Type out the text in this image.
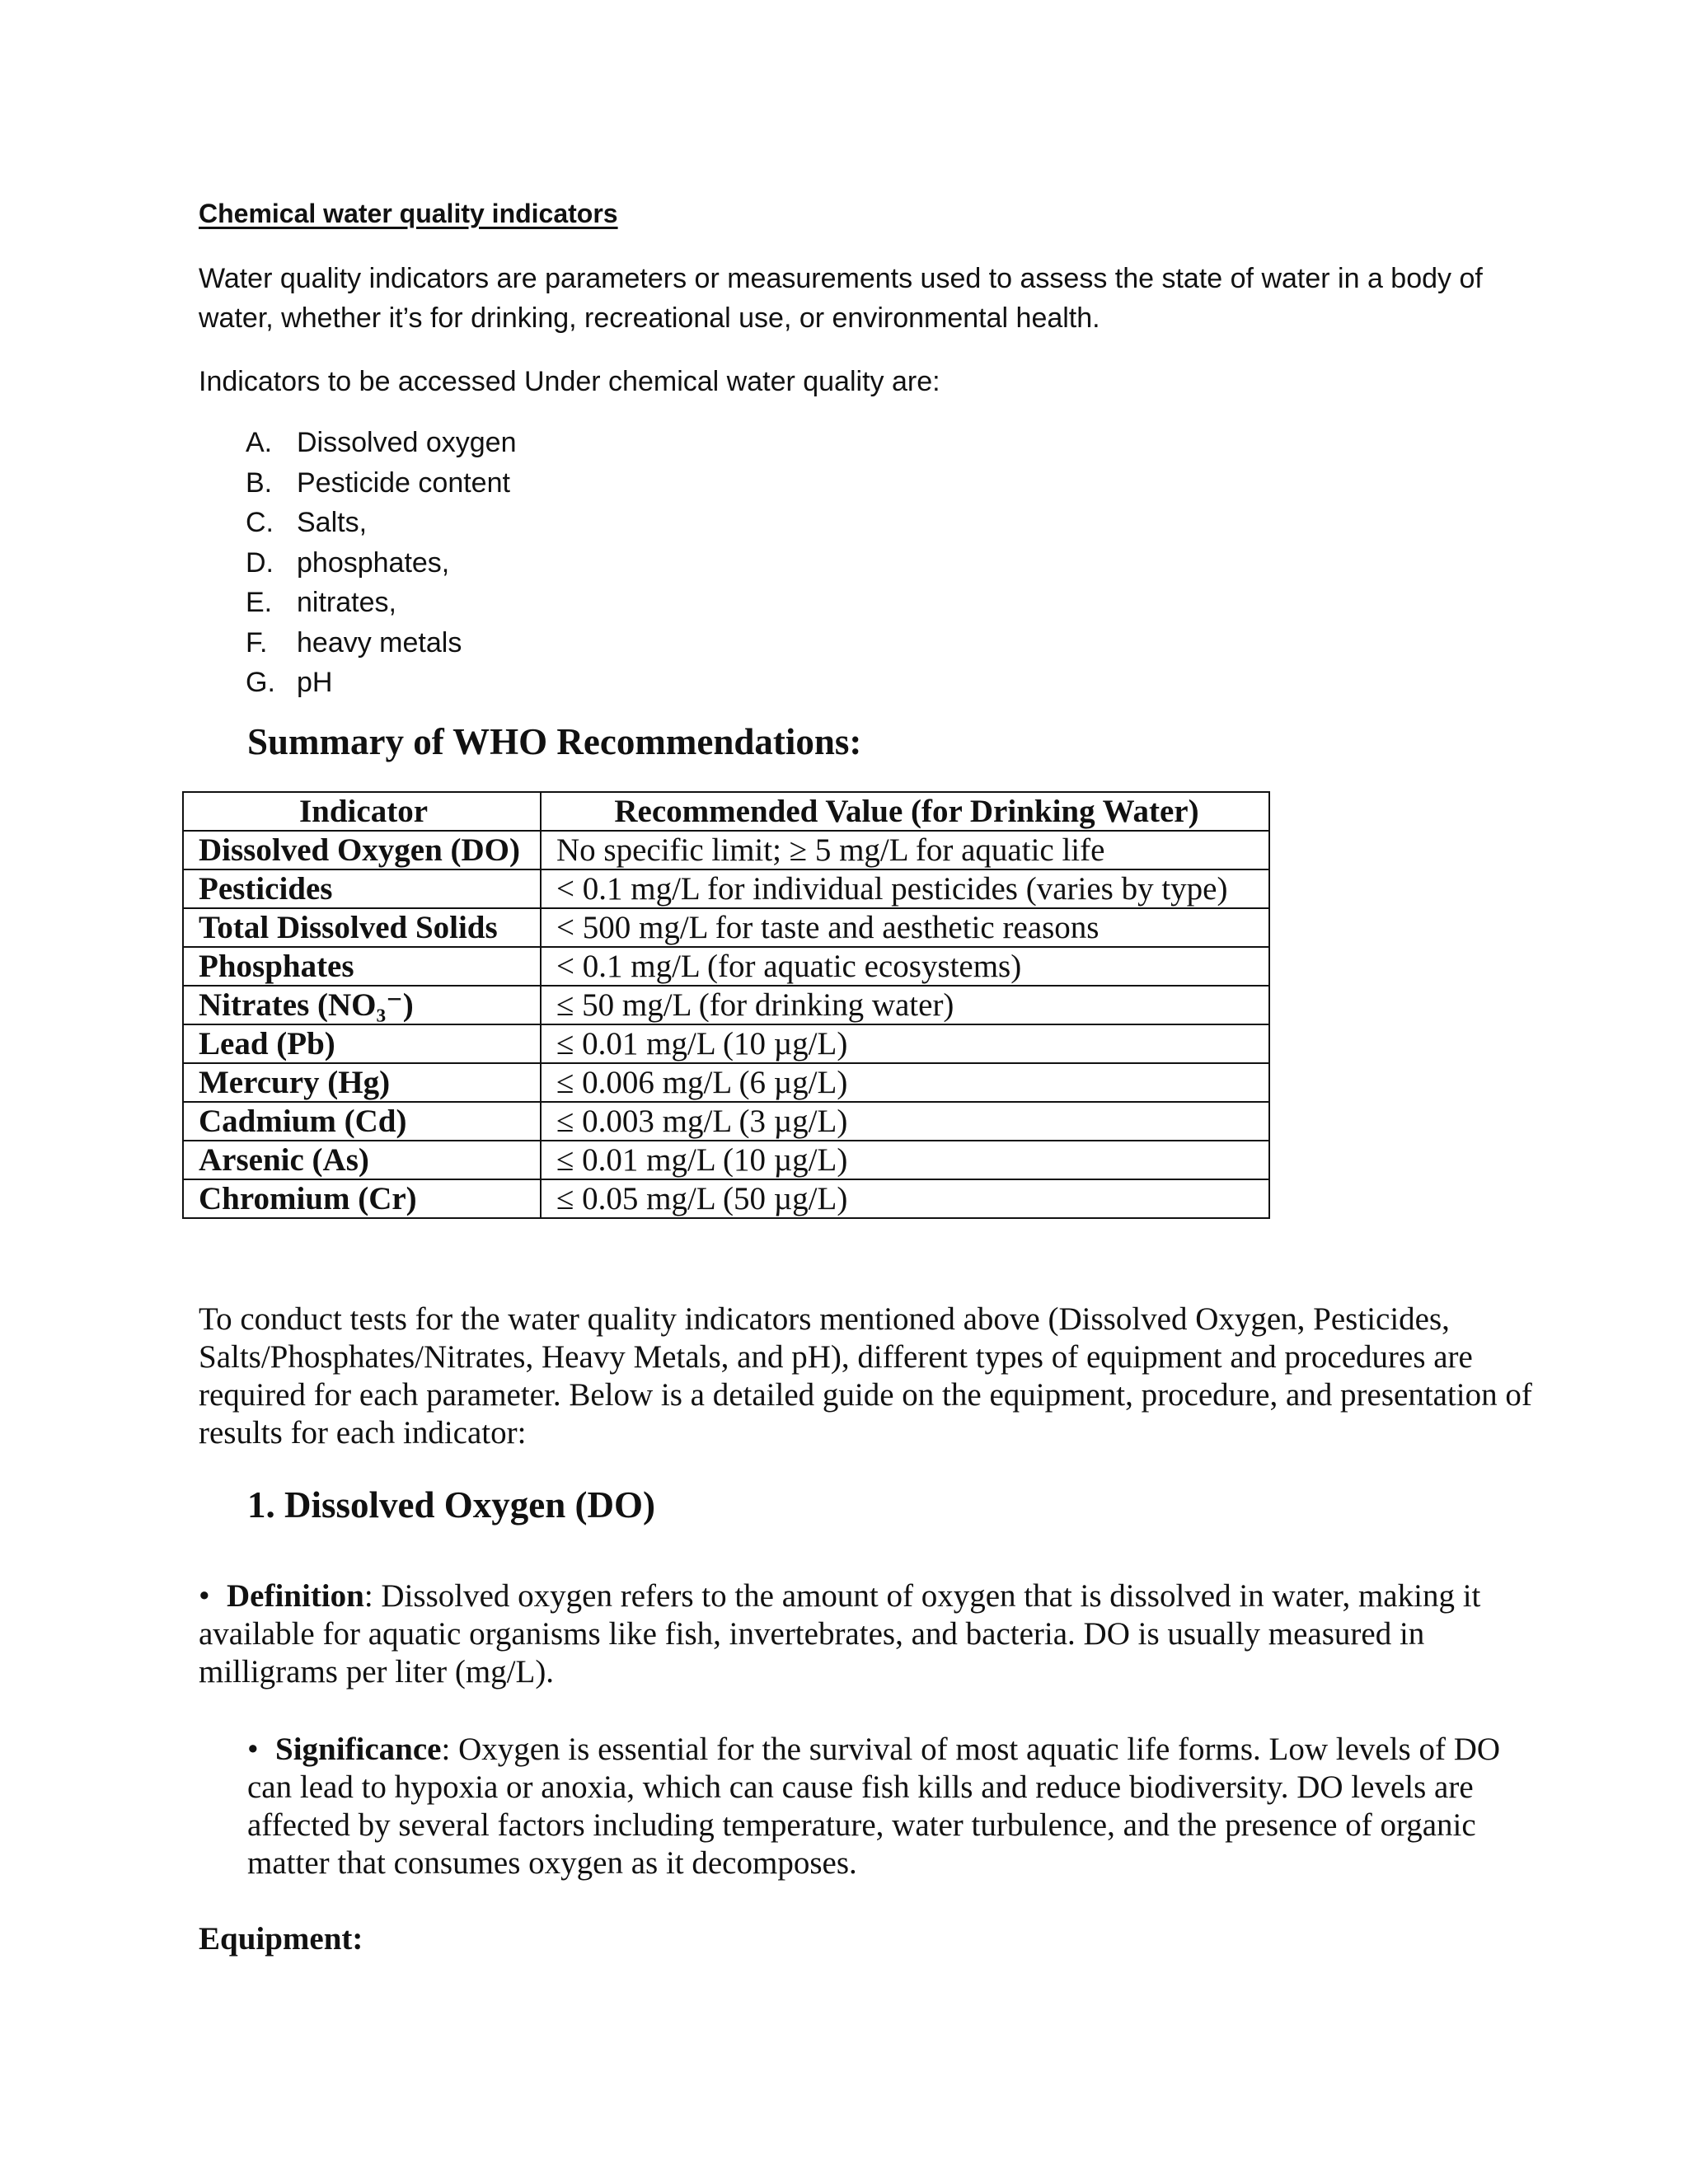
Chemical water quality indicators

Water quality indicators are parameters or measurements used to assess the state of water in a body of water, whether it’s for drinking, recreational use, or environmental health.

Indicators to be accessed Under chemical water quality are:

A. Dissolved oxygen
B. Pesticide content
C. Salts,
D. phosphates,
E. nitrates,
F. heavy metals
G. pH
Summary of WHO Recommendations:
Indicator	Recommended Value (for Drinking Water)
Dissolved Oxygen (DO)	No specific limit; ≥ 5 mg/L for aquatic life
Pesticides	< 0.1 mg/L for individual pesticides (varies by type)
Total Dissolved Solids	< 500 mg/L for taste and aesthetic reasons
Phosphates	< 0.1 mg/L (for aquatic ecosystems)
Nitrates (NO₃⁻)	≤ 50 mg/L (for drinking water)
Lead (Pb)	≤ 0.01 mg/L (10 µg/L)
Mercury (Hg)	≤ 0.006 mg/L (6 µg/L)
Cadmium (Cd)	≤ 0.003 mg/L (3 µg/L)
Arsenic (As)	≤ 0.01 mg/L (10 µg/L)
Chromium (Cr)	≤ 0.05 mg/L (50 µg/L)

To conduct tests for the water quality indicators mentioned above (Dissolved Oxygen, Pesticides, Salts/Phosphates/Nitrates, Heavy Metals, and pH), different types of equipment and procedures are required for each parameter. Below is a detailed guide on the equipment, procedure, and presentation of results for each indicator:

1. Dissolved Oxygen (DO)

• Definition: Dissolved oxygen refers to the amount of oxygen that is dissolved in water, making it available for aquatic organisms like fish, invertebrates, and bacteria. DO is usually measured in milligrams per liter (mg/L).

• Significance: Oxygen is essential for the survival of most aquatic life forms. Low levels of DO can lead to hypoxia or anoxia, which can cause fish kills and reduce biodiversity. DO levels are affected by several factors including temperature, water turbulence, and the presence of organic matter that consumes oxygen as it decomposes.

Equipment:
